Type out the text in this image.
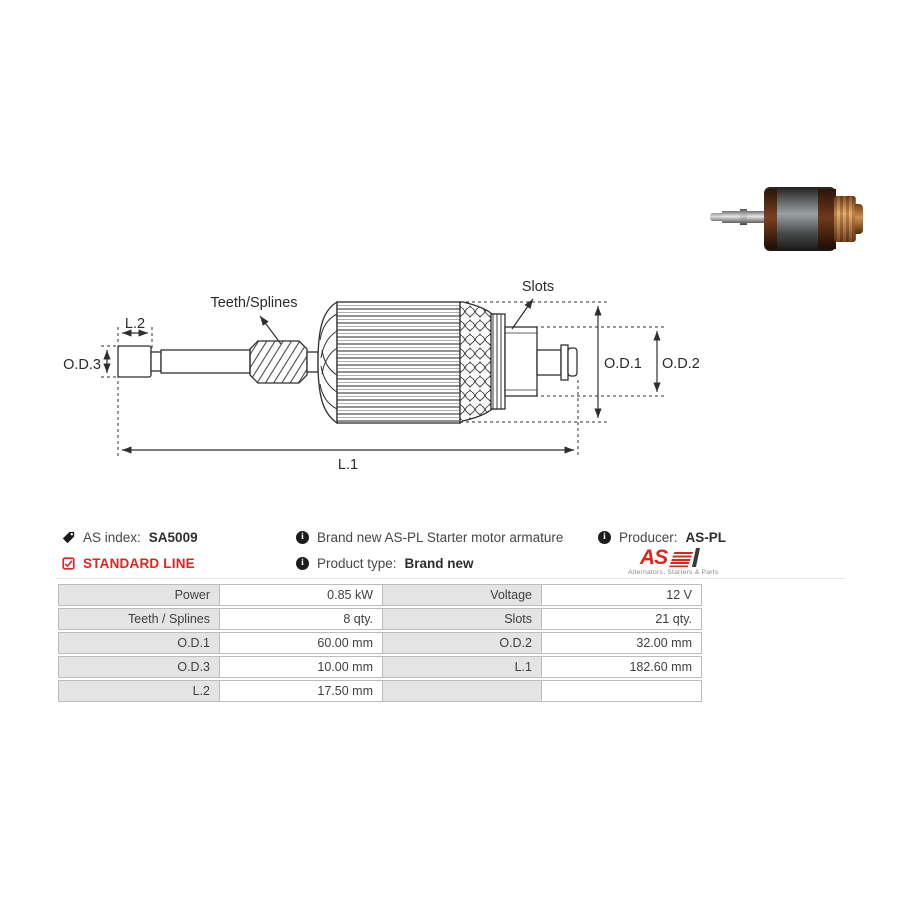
Teeth/Splines
Slots
L.2
O.D.3	O.D.1 O.D.2
L.1
AS index: SA5009
STANDARD LINE
i Brand new AS-PL Starter motor armature
i Product type: Brand new
i Producer: AS-PL
AS
Alternators, Starters & Parts
Power	0.85 kW	Voltage	12 V
Teeth / Splines	8 qty.	Slots	21 qty.
O.D.1	60.00 mm	O.D.2	32.00 mm
O.D.3	10.00 mm	L.1	182.60 mm
L.2	17.50 mm
